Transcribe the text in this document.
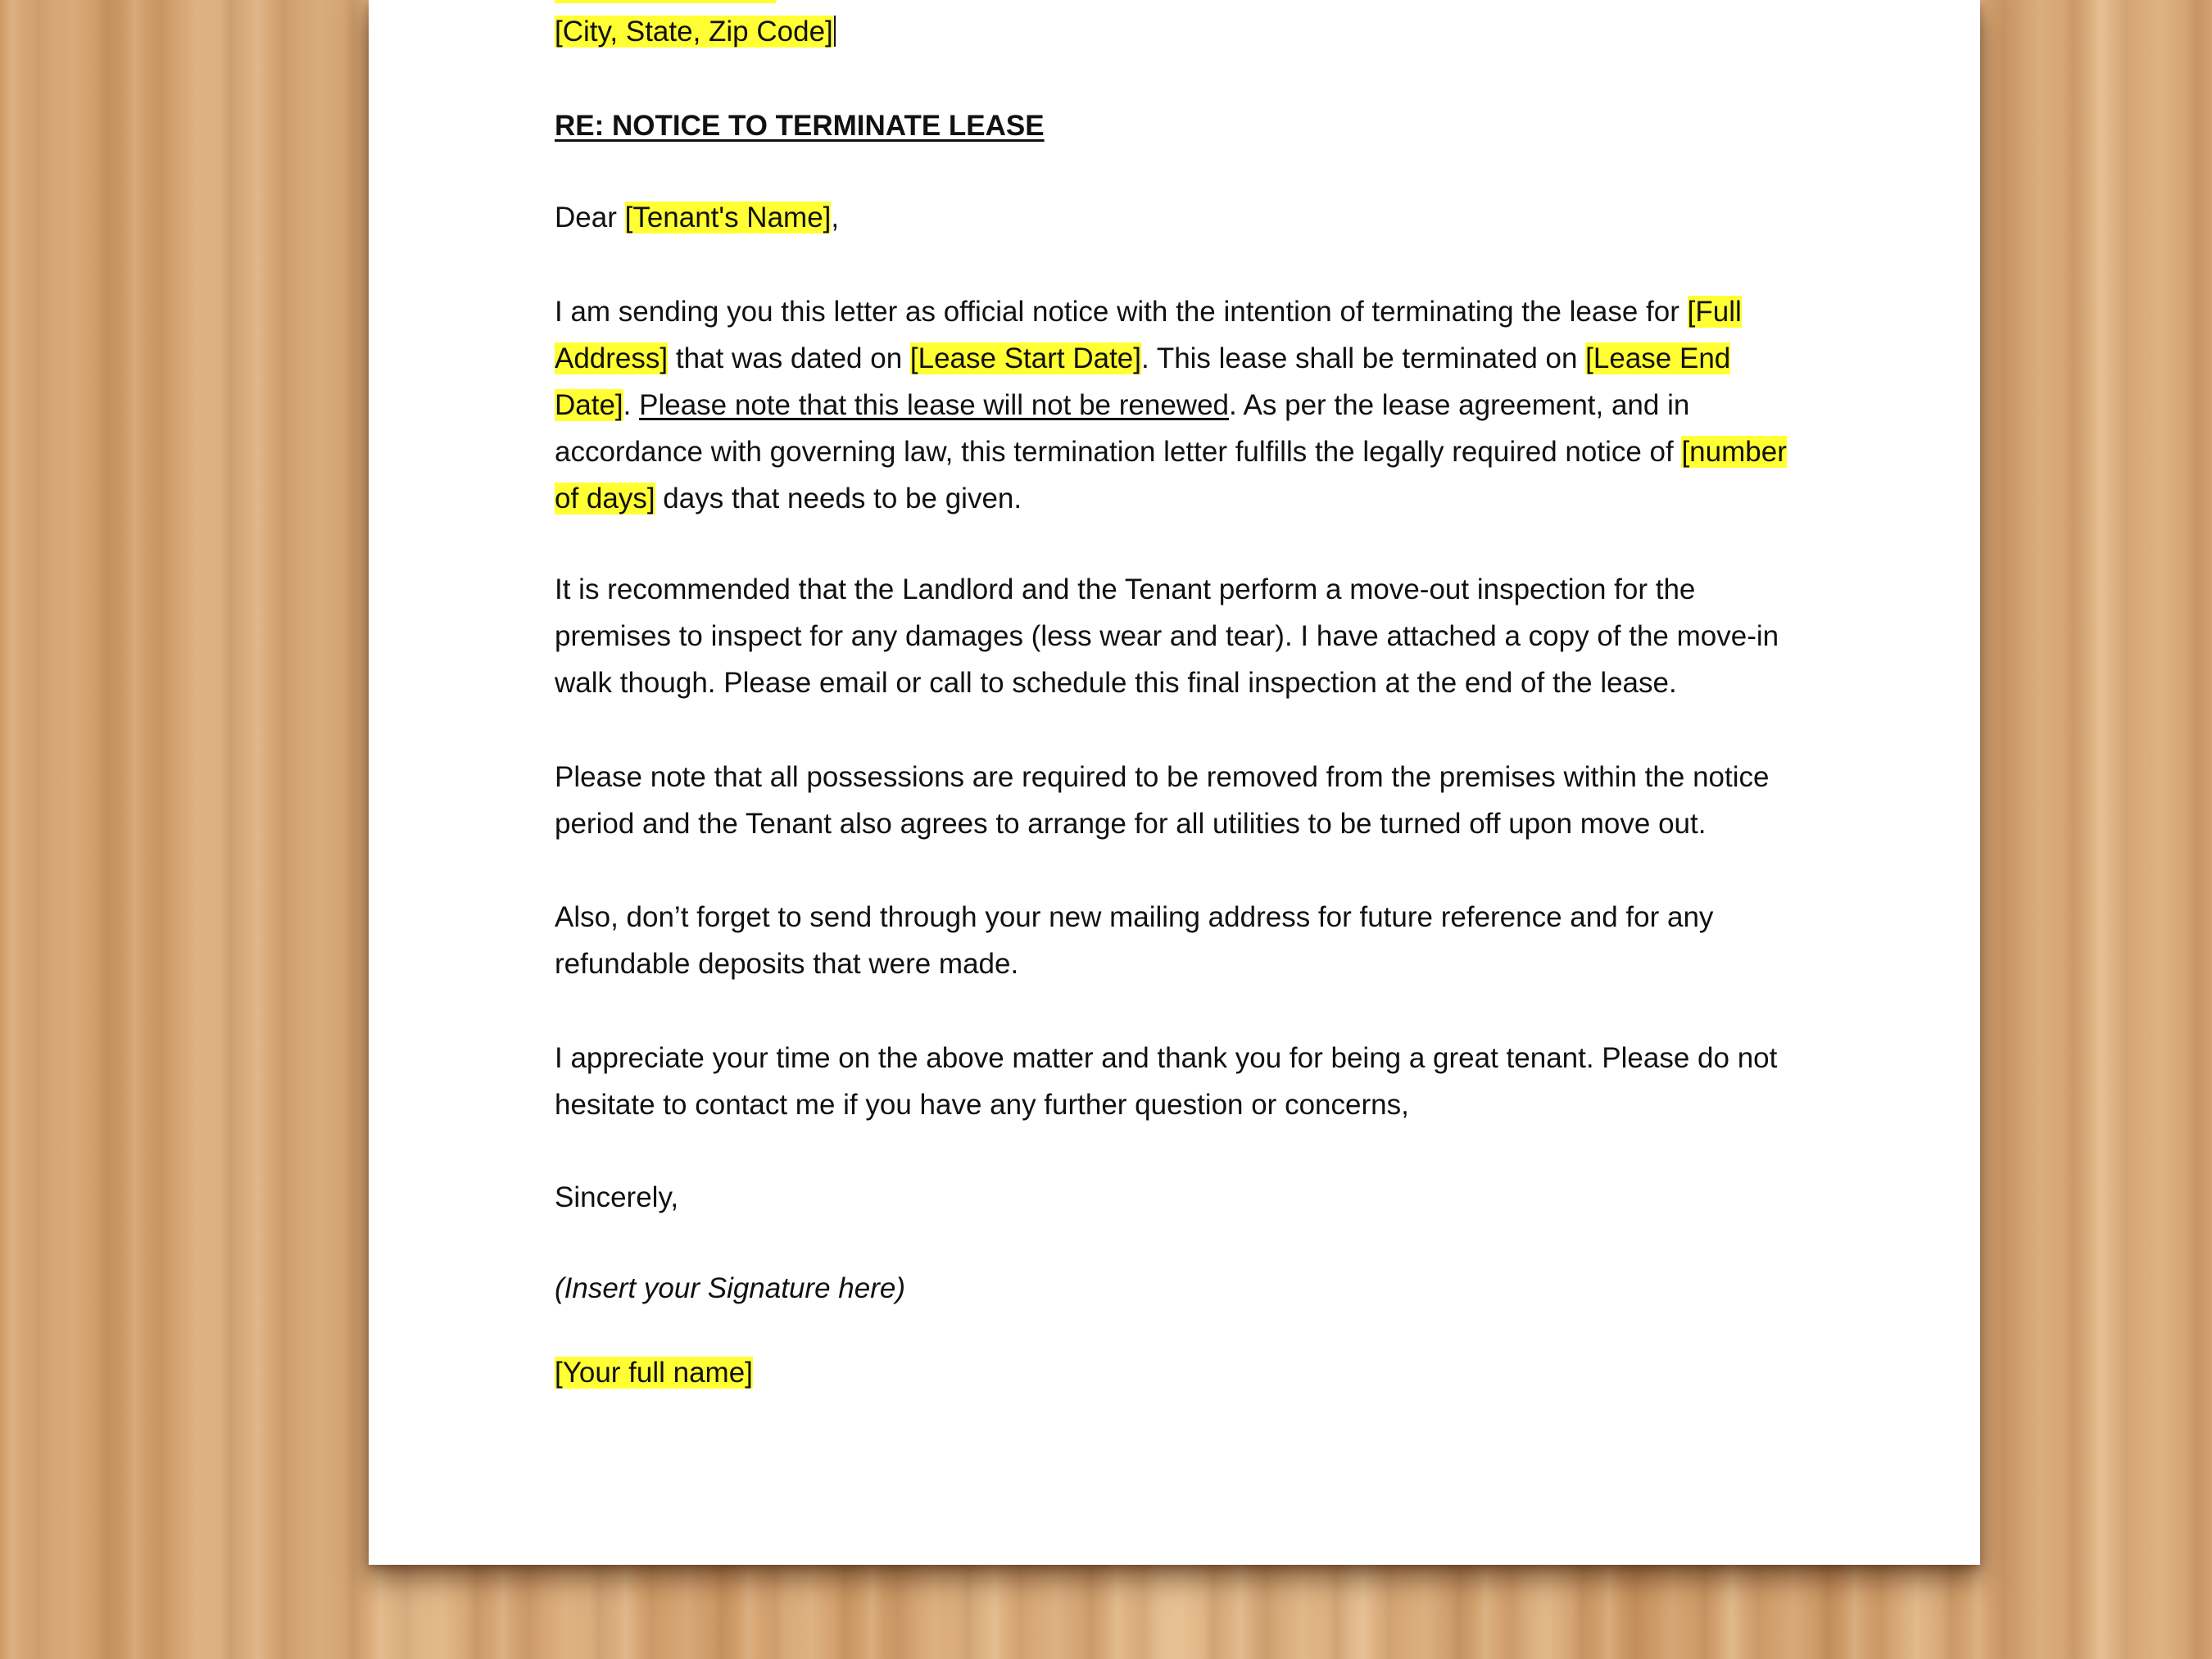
[City, State, Zip Code]
RE: NOTICE TO TERMINATE LEASE
Dear [Tenant's Name],

I am sending you this letter as official notice with the intention of terminating the lease for [Full Address] that was dated on [Lease Start Date]. This lease shall be terminated on [Lease End Date]. Please note that this lease will not be renewed. As per the lease agreement, and in accordance with governing law, this termination letter fulfills the legally required notice of [number of days] days that needs to be given.

It is recommended that the Landlord and the Tenant perform a move-out inspection for the premises to inspect for any damages (less wear and tear). I have attached a copy of the move-in walk though. Please email or call to schedule this final inspection at the end of the lease.

Please note that all possessions are required to be removed from the premises within the notice period and the Tenant also agrees to arrange for all utilities to be turned off upon move out.

Also, don’t forget to send through your new mailing address for future reference and for any refundable deposits that were made.

I appreciate your time on the above matter and thank you for being a great tenant. Please do not hesitate to contact me if you have any further question or concerns,

Sincerely,
(Insert your Signature here)
[Your full name]
